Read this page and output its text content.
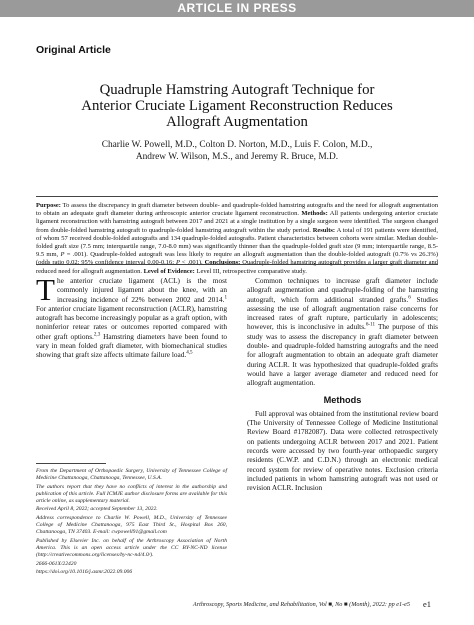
ARTICLE IN PRESS
Original Article
Quadruple Hamstring Autograft Technique for
Anterior Cruciate Ligament Reconstruction Reduces
Allograft Augmentation
Charlie W. Powell, M.D., Colton D. Norton, M.D., Luis F. Colon, M.D.,
Andrew W. Wilson, M.S., and Jeremy R. Bruce, M.D.
Purpose: To assess the discrepancy in graft diameter between double- and quadruple-folded hamstring autografts and the need for allograft augmentation to obtain an adequate graft diameter during arthroscopic anterior cruciate ligament reconstruction. Methods: All patients undergoing anterior cruciate ligament reconstruction with hamstring autograft between 2017 and 2021 at a single institution by a single surgeon were identified. The surgeon changed from double-folded hamstring autograft to quadruple-folded hamstring autograft within the study period. Results: A total of 191 patients were identified, of whom 57 received double-folded autografts and 134 quadruple-folded autografts. Patient characteristics between cohorts were similar. Median double-folded graft size (7.5 mm; interquartile range, 7.0-8.0 mm) was significantly thinner than the quadruple-folded graft size (9 mm; interquartile range, 8.5-9.5 mm, P = .001). Quadruple-folded autograft was less likely to require an allograft augmentation than the double-folded autograft (0.7% vs 26.3%) (odds ratio 0.02; 95% confidence interval 0.00-0.16; P < .001). Conclusions: Quadruple-folded hamstring autograft provides a larger graft diameter and reduced need for allograft augmentation. Level of Evidence: Level III, retrospective comparative study.

The anterior cruciate ligament (ACL) is the most commonly injured ligament about the knee, with an increasing incidence of 22% between 2002 and 2014.$^1$ For anterior cruciate ligament reconstruction (ACLR), hamstring autograft has become increasingly popular as a graft option, with noninferior retear rates or outcomes reported compared with other graft options.$^{2,3}$ Hamstring diameters have been found to vary in mean folded graft diameter, with biomechanical studies showing that graft size affects ultimate failure load.$^{4,5}$

Common techniques to increase graft diameter include allograft augmentation and quadruple-folding of the hamstring autograft, which form additional stranded grafts.$^6$ Studies assessing the use of allograft augmentation raise concerns for increased rates of graft rupture, particularly in adolescents; however, this is inconclusive in adults.$^{6-11}$ The purpose of this study was to assess the discrepancy in graft diameter between double- and quadruple-folded hamstring autografts and the need for allograft augmentation to obtain an adequate graft diameter during ACLR. It was hypothesized that quadruple-folded grafts would have a larger average diameter and reduced need for allograft augmentation.

Methods

Full approval was obtained from the institutional review board (The University of Tennessee College of Medicine Institutional Review Board #1782087). Data were collected retrospectively on patients undergoing ACLR between 2017 and 2021. Patient records were accessed by two fourth-year orthopaedic surgery residents (C.W.P. and C.D.N.) through an electronic medical record system for review of operative notes. Exclusion criteria included patients in whom hamstring autograft was not used or revision ACLR. Inclusion

From the Department of Orthopaedic Surgery, University of Tennessee College of Medicine Chattanooga, Chattanooga, Tennessee, U.S.A.

The authors report that they have no conflicts of interest in the authorship and publication of this article. Full ICMJE author disclosure forms are available for this article online, as supplementary material.

Received April 8, 2022; accepted September 13, 2022.

Address correspondence to Charlie W. Powell, M.D., University of Tennessee College of Medicine Chattanooga, 975 East Third St., Hospital Box 260, Chattanooga, TN 37403. E-mail: cwpowell91@gmail.com

Published by Elsevier Inc. on behalf of the Arthroscopy Association of North America. This is an open access article under the CC BY-NC-ND license (http://creativecommons.org/licenses/by-nc-nd/4.0/).

2666-061X/22420

https://doi.org/10.1016/j.asmr.2022.09.006

Arthroscopy, Sports Medicine, and Rehabilitation, Vol ■, No ■ (Month), 2022: pp e1-e5 e1
